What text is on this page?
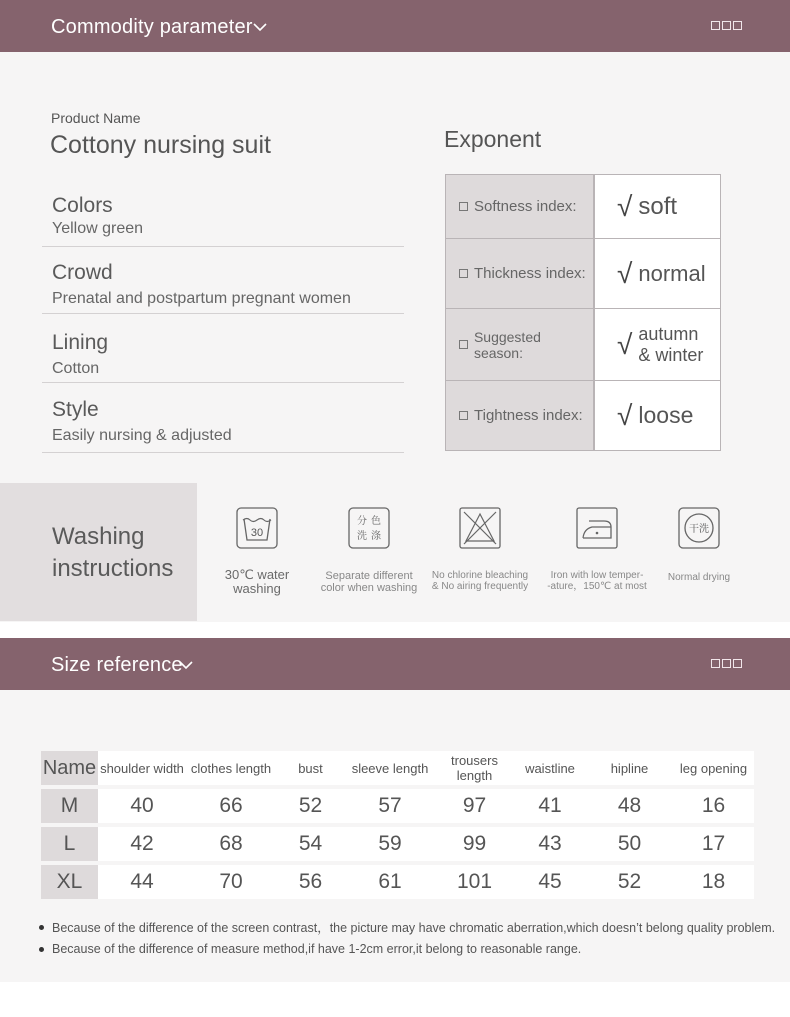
Commodity parameter
Product Name
Cottony nursing suit
Colors
Yellow green
Crowd
Prenatal and postpartum pregnant women
Lining
Cotton
Style
Easily nursing & adjusted
Exponent
Softness index: √ soft
Thickness index: √ normal
Suggested season:	√ autumn
& winter
Tightness index: √ loose
Washing
instructions
30
30℃ water
washing
分 色
洗 涤
Separate different
color when washing
No chlorine bleaching
& No airing frequently
Iron with low temper-
-ature，150℃ at most
干洗
Normal drying
Size reference
Name	shoulder width	clothes length	bust	sleeve length	trousers length	waistline	hipline	leg opening
M	40	66	52	57	97	41	48	16
L	42	68	54	59	99	43	50	17
XL	44	70	56	61	101	45	52	18
Because of the difference of the screen contrast，the picture may have chromatic aberration,which doesn’t belong quality problem.
Because of the difference of measure method,if have 1-2cm error,it belong to reasonable range.
